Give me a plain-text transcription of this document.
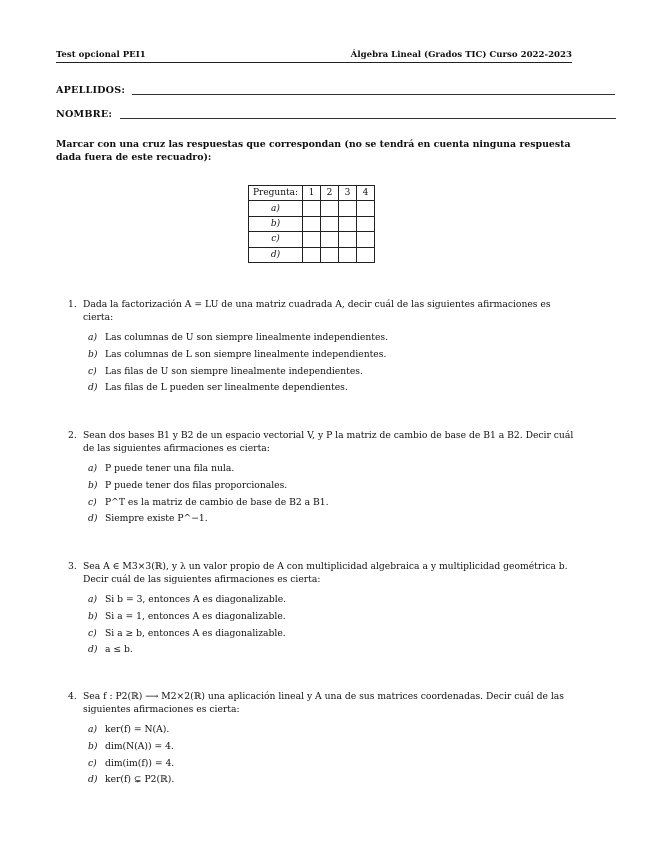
Test opcional PEI1	Álgebra Lineal (Grados TIC) Curso 2022-2023
APELLIDOS:
NOMBRE:
Marcar con una cruz las respuestas que correspondan (no se tendrá en cuenta ninguna respuesta dada fuera de este recuadro):
Pregunta:	1	2	3	4
a)				
b)				
c)				
d)				
1. Dada la factorización A = LU de una matriz cuadrada A, decir cuál de las siguientes afirmaciones es cierta:
a) Las columnas de U son siempre linealmente independientes.
b) Las columnas de L son siempre linealmente independientes.
c) Las filas de U son siempre linealmente independientes.
d) Las filas de L pueden ser linealmente dependientes.
2. Sean dos bases B1 y B2 de un espacio vectorial V, y P la matriz de cambio de base de B1 a B2. Decir cuál de las siguientes afirmaciones es cierta:
a) P puede tener una fila nula.
b) P puede tener dos filas proporcionales.
c) P^T es la matriz de cambio de base de B2 a B1.
d) Siempre existe P^−1.
3. Sea A ∈ M3×3(ℝ), y λ un valor propio de A con multiplicidad algebraica a y multiplicidad geométrica b. Decir cuál de las siguientes afirmaciones es cierta:
a) Si b = 3, entonces A es diagonalizable.
b) Si a = 1, entonces A es diagonalizable.
c) Si a ≥ b, entonces A es diagonalizable.
d) a ≤ b.
4. Sea f : P2(ℝ) ⟶ M2×2(ℝ) una aplicación lineal y A una de sus matrices coordenadas. Decir cuál de las siguientes afirmaciones es cierta:
a) ker(f) = N(A).
b) dim(N(A)) = 4.
c) dim(im(f)) = 4.
d) ker(f) ⊊ P2(ℝ).
